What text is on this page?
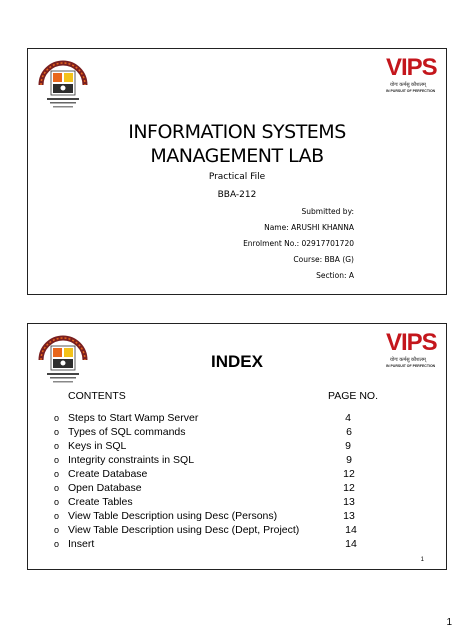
VIPS
योगः कर्मसु कौशलम्
IN PURSUIT OF PERFECTION
INFORMATION SYSTEMS
MANAGEMENT LAB
Practical File
BBA-212
Submitted by:
Name: ARUSHI KHANNA
Enrolment No.: 02917701720
Course: BBA (G)
Section: A
VIPS
योगः कर्मसु कौशलम्
IN PURSUIT OF PERFECTION
INDEX
CONTENTS	PAGE NO.
o Steps to Start Wamp Server	4
o Types of SQL commands	6
o Keys in SQL	9
o Integrity constraints in SQL	9
o Create Database	12
o Open Database	12
o Create Tables	13
o View Table Description using Desc (Persons)	13
o View Table Description using Desc (Dept, Project)	14
o Insert	14
1
1
